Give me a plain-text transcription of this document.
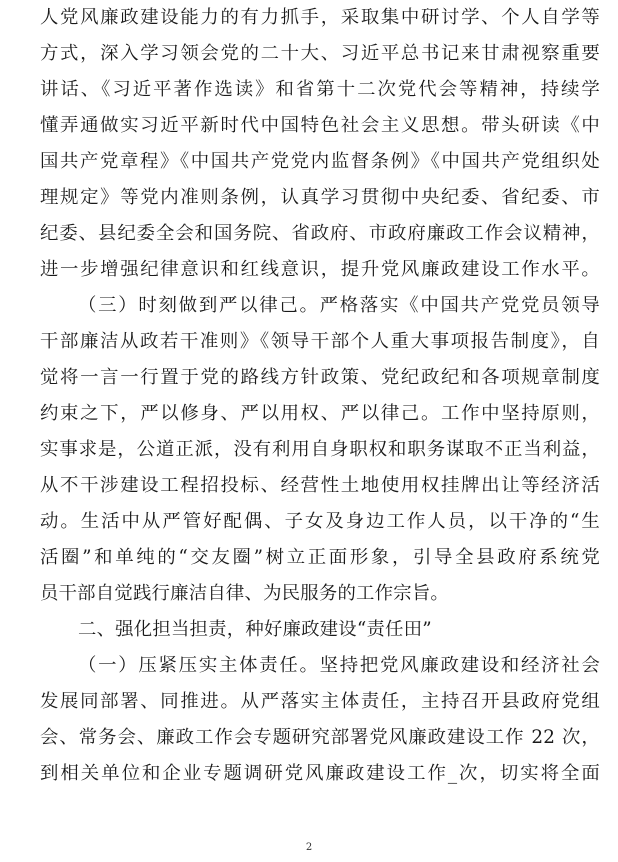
人党风廉政建设能力的有力抓手，采取集中研讨学、个人自学等
方式，深入学习领会党的二十大、习近平总书记来甘肃视察重要
讲话、《习近平著作选读》和省第十二次党代会等精神，持续学
懂弄通做实习近平新时代中国特色社会主义思想。带头研读《中
国共产党章程》《中国共产党党内监督条例》《中国共产党组织处
理规定》等党内准则条例，认真学习贯彻中央纪委、省纪委、市
纪委、县纪委全会和国务院、省政府、市政府廉政工作会议精神，
进一步增强纪律意识和红线意识，提升党风廉政建设工作水平。
（三）时刻做到严以律己。严格落实《中国共产党党员领导
干部廉洁从政若干准则》《领导干部个人重大事项报告制度》，自
觉将一言一行置于党的路线方针政策、党纪政纪和各项规章制度
约束之下，严以修身、严以用权、严以律己。工作中坚持原则，
实事求是，公道正派，没有利用自身职权和职务谋取不正当利益，
从不干涉建设工程招投标、经营性土地使用权挂牌出让等经济活
动。生活中从严管好配偶、子女及身边工作人员，以干净的“生
活圈”和单纯的“交友圈”树立正面形象，引导全县政府系统党
员干部自觉践行廉洁自律、为民服务的工作宗旨。
二、强化担当担责，种好廉政建设“责任田”
（一）压紧压实主体责任。坚持把党风廉政建设和经济社会
发展同部署、同推进。从严落实主体责任，主持召开县政府党组
会、常务会、廉政工作会专题研究部署党风廉政建设工作 22 次，
到相关单位和企业专题调研党风廉政建设工作_次，切实将全面
2
